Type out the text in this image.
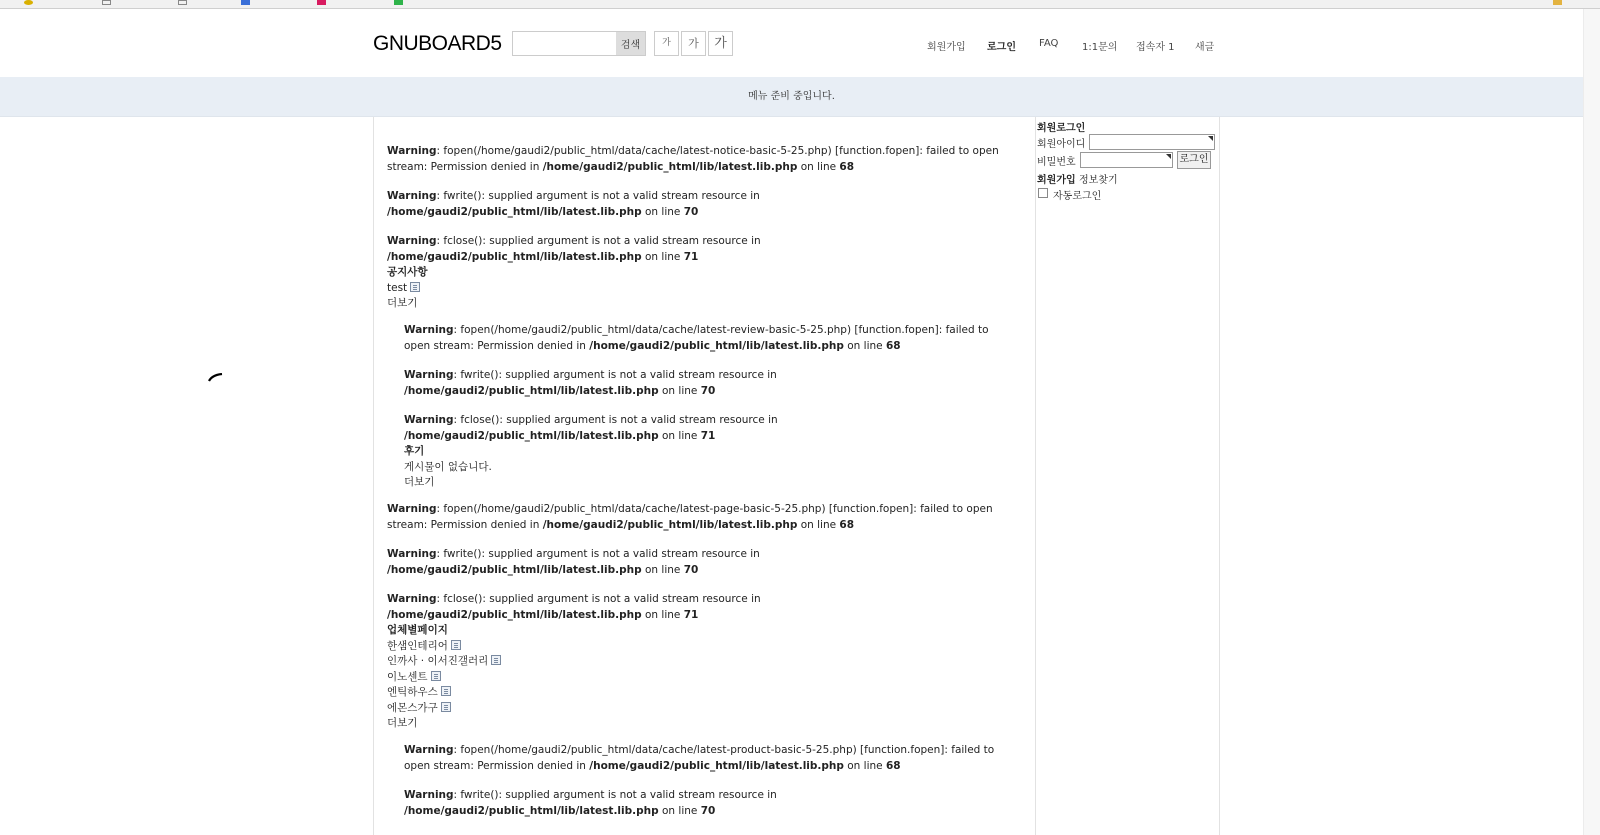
GNUBOARD5	검색	가	가	가	회원가입 로그인 FAQ 1:1문의 접속자 1 새글
메뉴 준비 중입니다.

Warning: fopen(/home/gaudi2/public_html/data/cache/latest-notice-basic-5-25.php) [function.fopen]: failed to open stream: Permission denied in /home/gaudi2/public_html/lib/latest.lib.php on line 68

Warning: fwrite(): supplied argument is not a valid stream resource in /home/gaudi2/public_html/lib/latest.lib.php on line 70

Warning: fclose(): supplied argument is not a valid stream resource in /home/gaudi2/public_html/lib/latest.lib.php on line 71

공지사항
test
더보기

Warning: fopen(/home/gaudi2/public_html/data/cache/latest-review-basic-5-25.php) [function.fopen]: failed to open stream: Permission denied in /home/gaudi2/public_html/lib/latest.lib.php on line 68

Warning: fwrite(): supplied argument is not a valid stream resource in /home/gaudi2/public_html/lib/latest.lib.php on line 70

Warning: fclose(): supplied argument is not a valid stream resource in /home/gaudi2/public_html/lib/latest.lib.php on line 71

후기
게시물이 없습니다.
더보기

Warning: fopen(/home/gaudi2/public_html/data/cache/latest-page-basic-5-25.php) [function.fopen]: failed to open stream: Permission denied in /home/gaudi2/public_html/lib/latest.lib.php on line 68

Warning: fwrite(): supplied argument is not a valid stream resource in /home/gaudi2/public_html/lib/latest.lib.php on line 70

Warning: fclose(): supplied argument is not a valid stream resource in /home/gaudi2/public_html/lib/latest.lib.php on line 71

업체별페이지
한샘인테리어
인까사 · 이서진갤러리
이노센트
엔틱하우스
에몬스가구
더보기

Warning: fopen(/home/gaudi2/public_html/data/cache/latest-product-basic-5-25.php) [function.fopen]: failed to open stream: Permission denied in /home/gaudi2/public_html/lib/latest.lib.php on line 68

Warning: fwrite(): supplied argument is not a valid stream resource in /home/gaudi2/public_html/lib/latest.lib.php on line 70

회원로그인
회원아이디
비밀번호	로그인
회원가입 정보찾기
자동로그인
